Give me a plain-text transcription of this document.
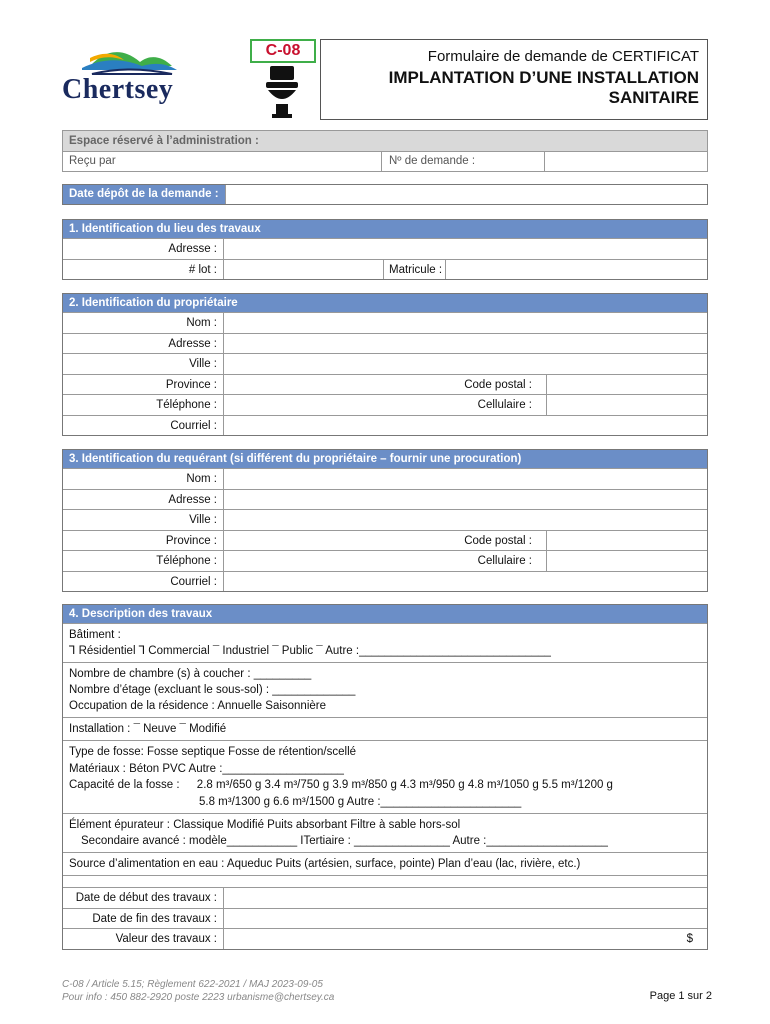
Chertsey
C-08	Formulaire de demande de CERTIFICAT
IMPLANTATION D’UNE INSTALLATION
SANITAIRE
Espace réservé à l’administration :
Reçu par	Nº de demande :
Date dépôt de la demande :
1. Identification du lieu des travaux
Adresse :
# lot :	Matricule :
2. Identification du propriétaire
Nom :
Adresse :
Ville :
Province :	Code postal :
Téléphone :	Cellulaire :
Courriel :
3. Identification du requérant (si différent du propriétaire – fournir une procuration)
Nom :
Adresse :
Ville :
Province :	Code postal :
Téléphone :	Cellulaire :
Courriel :
4. Description des travaux
Bâtiment :
ꓶ Résidentiel ꓶ Commercial ¯ Industriel ¯ Public ¯ Autre :______________________________
Nombre de chambre (s) à coucher : _________
Nombre d’étage (excluant le sous-sol) : _____________
Occupation de la résidence : Annuelle Saisonnière
Installation : ¯ Neuve ¯ Modifié
Type de fosse: Fosse septique Fosse de rétention/scellé
Matériaux : Béton PVC Autre :___________________
Capacité de la fosse : 2.8 m³/650 g 3.4 m³/750 g 3.9 m³/850 g 4.3 m³/950 g 4.8 m³/1050 g 5.5 m³/1200 g
5.8 m³/1300 g 6.6 m³/1500 g Autre :______________________
Élément épurateur : Classique Modifié Puits absorbant Filtre à sable hors-sol
Secondaire avancé : modèle___________ ITertiaire : _______________ Autre :___________________
Source d’alimentation en eau : Aqueduc Puits (artésien, surface, pointe) Plan d’eau (lac, rivière, etc.)
Date de début des travaux :
Date de fin des travaux :
Valeur des travaux :	$
C-08 / Article 5.15; Règlement 622-2021 / MAJ 2023-09-05
Pour info : 450 882-2920 poste 2223 urbanisme@chertsey.ca	Page 1 sur 2
